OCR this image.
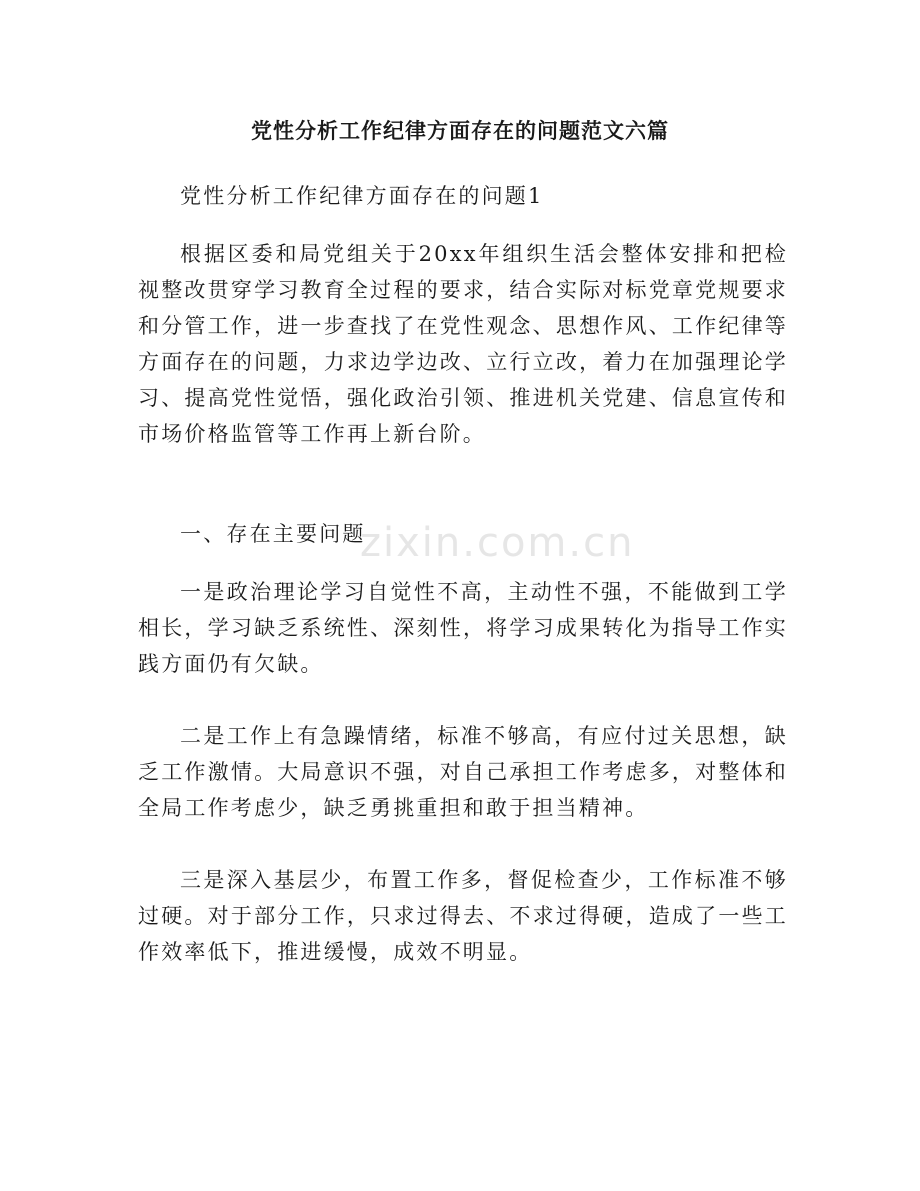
zixin.com.cn
党性分析工作纪律方面存在的问题范文六篇
党性分析工作纪律方面存在的问题1
根据区委和局党组关于20xx年组织生活会整体安排和把检视整改贯穿学习教育全过程的要求，结合实际对标党章党规要求和分管工作，进一步查找了在党性观念、思想作风、工作纪律等方面存在的问题，力求边学边改、立行立改，着力在加强理论学习、提高党性觉悟，强化政治引领、推进机关党建、信息宣传和市场价格监管等工作再上新台阶。
一、存在主要问题
一是政治理论学习自觉性不高，主动性不强，不能做到工学相长，学习缺乏系统性、深刻性，将学习成果转化为指导工作实践方面仍有欠缺。
二是工作上有急躁情绪，标准不够高，有应付过关思想，缺乏工作激情。大局意识不强，对自己承担工作考虑多，对整体和全局工作考虑少，缺乏勇挑重担和敢于担当精神。
三是深入基层少，布置工作多，督促检查少，工作标准不够过硬。对于部分工作，只求过得去、不求过得硬，造成了一些工作效率低下，推进缓慢，成效不明显。
